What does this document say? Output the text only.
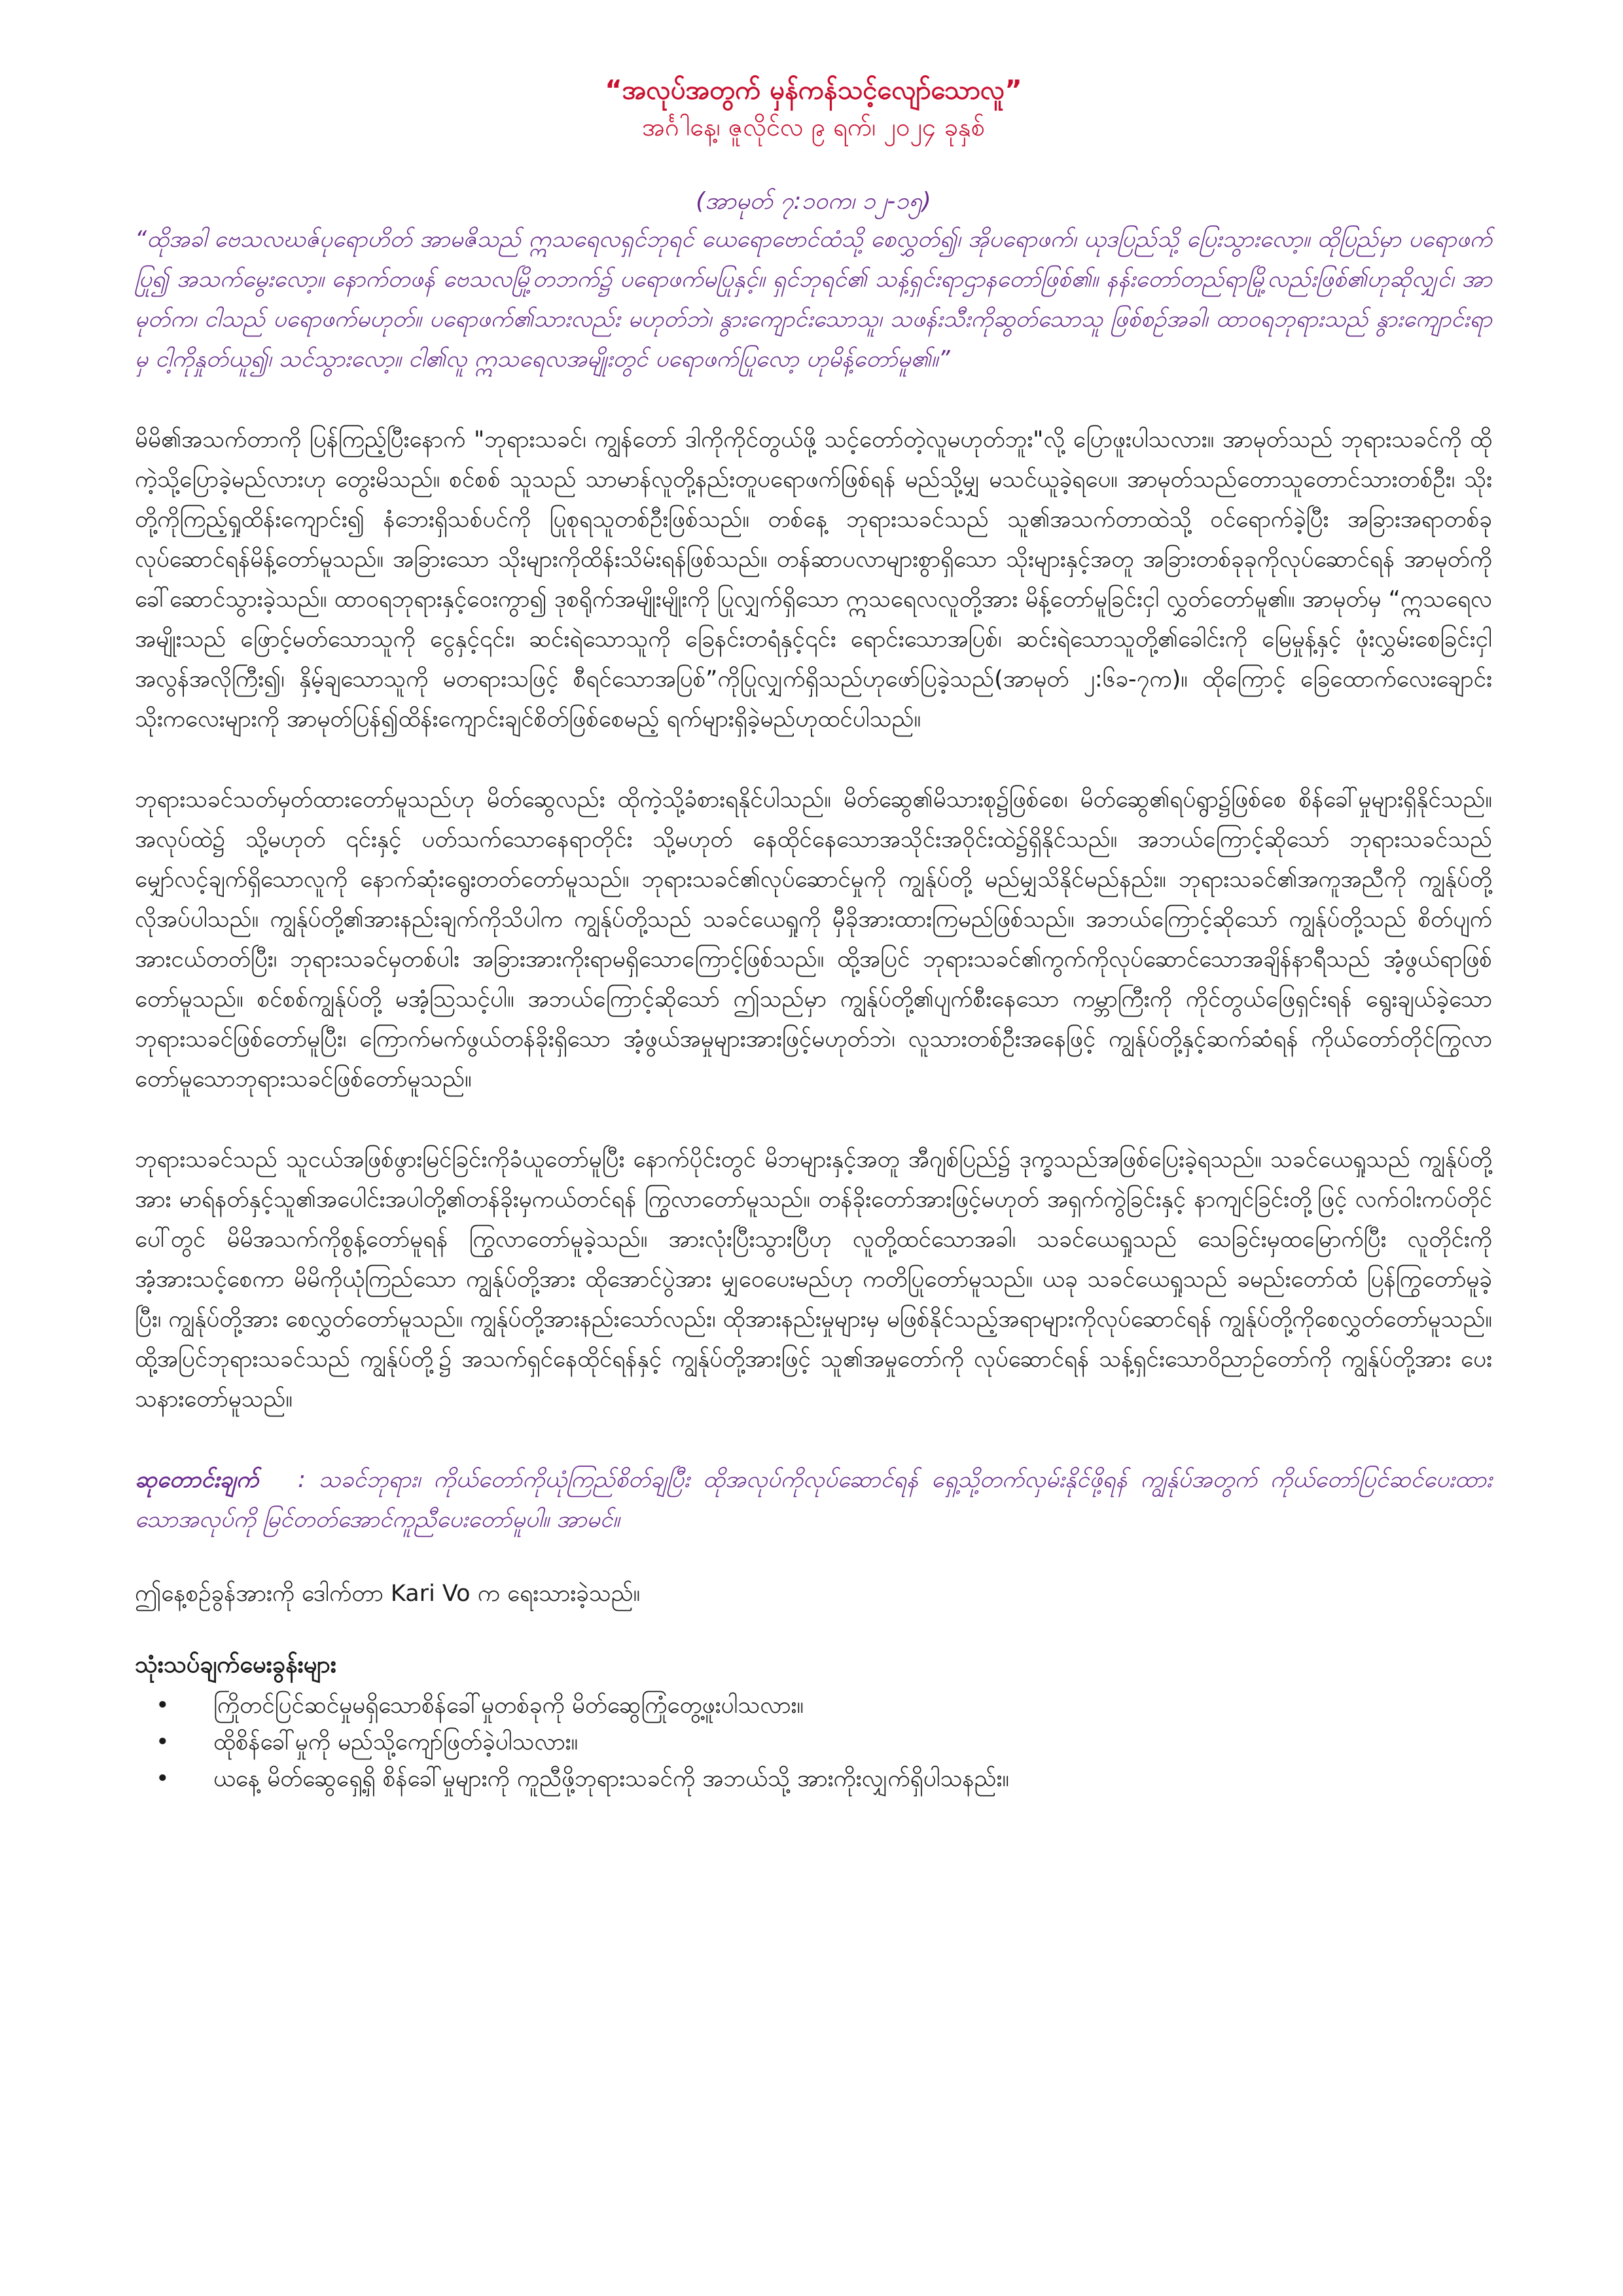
“အလုပ်အတွက် မှန်ကန်သင့်လျော်သောလူ”

အင်္ဂါနေ့၊ ဇူလိုင်လ ၉ ရက်၊ ၂၀၂၄ ခုနှစ်

(အာမုတ် ၇:၁၀က၊ ၁၂-၁၅)

“ထိုအခါ ဗေသလဃဇ်ပုရောဟိတ် အာမဇိသည် ဣသရေလရှင်ဘုရင် ယေရောဗောင်ထံသို့ စေလွှတ်၍၊ အိုပရောဖက်၊ ယုဒပြည်သို့ ပြေးသွားလော့။ ထိုပြည်မှာ ပရောဖက်ပြု၍ အသက်မွေးလော့။ နောက်တဖန် ဗေသလမြို့တဘက်၌ ပရောဖက်မပြုနှင့်။ ရှင်ဘုရင်၏ သန့်ရှင်းရာဌာနတော်ဖြစ်၏။ နန်းတော်တည်ရာမြို့လည်းဖြစ်၏ဟုဆိုလျှင်၊ အာမုတ်က၊ ငါသည် ပရောဖက်မဟုတ်။ ပရောဖက်၏သားလည်း မဟုတ်ဘဲ၊ နွားကျောင်းသောသူ၊ သဖန်းသီးကိုဆွတ်သောသူ ဖြစ်စဉ်အခါ၊ ထာဝရဘုရားသည် နွားကျောင်းရာမှ ငါ့ကိုနှုတ်ယူ၍၊ သင်သွားလော့။ ငါ၏လူ ဣသရေလအမျိုးတွင် ပရောဖက်ပြုလော့ ဟုမိန့်တော်မူ၏။”

မိမိ၏အသက်တာကို ပြန်ကြည့်ပြီးနောက် "ဘုရားသခင်၊ ကျွန်တော် ဒါကိုကိုင်တွယ်ဖို့ သင့်တော်တဲ့လူမဟုတ်ဘူး"လို့ ပြောဖူးပါသလား။ အာမုတ်သည် ဘုရားသခင်ကို ထိုကဲ့သို့ပြောခဲ့မည်လားဟု တွေးမိသည်။ စင်စစ် သူသည် သာမာန်လူတို့နည်းတူပရောဖက်ဖြစ်ရန် မည်သို့မျှ မသင်ယူခဲ့ရပေ။ အာမုတ်သည်တောသူတောင်သားတစ်ဦး၊ သိုးတို့ကိုကြည့်ရှုထိန်းကျောင်း၍ နံဘေးရှိသစ်ပင်ကို ပြုစုရသူတစ်ဦးဖြစ်သည်။ တစ်နေ့ ဘုရားသခင်သည် သူ၏အသက်တာထဲသို့ ဝင်ရောက်ခဲ့ပြီး အခြားအရာတစ်ခုလုပ်ဆောင်ရန်မိန့်တော်မူသည်။ အခြားသော သိုးများကိုထိန်းသိမ်းရန်ဖြစ်သည်။ တန်ဆာပလာများစွာရှိသော သိုးများနှင့်အတူ အခြားတစ်ခုခုကိုလုပ်ဆောင်ရန် အာမုတ်ကိုခေါ်ဆောင်သွားခဲ့သည်။ ထာဝရဘုရားနှင့်ဝေးကွာ၍ ဒုစရိုက်အမျိုးမျိုးကို ပြုလျှက်ရှိသော ဣသရေလလူတို့အား မိန့်တော်မူခြင်းငှါ လွှတ်တော်မူ၏။ အာမုတ်မှ “ဣသရေလအမျိုးသည် ဖြောင့်မတ်သောသူကို ငွေနှင့်၎င်း၊ ဆင်းရဲသောသူကို ခြေနင်းတရံနှင့်၎င်း ရောင်းသောအပြစ်၊ ဆင်းရဲသောသူတို့၏ခေါင်းကို မြေမှုန့်နှင့် ဖုံးလွှမ်းစေခြင်းငှါ အလွန်အလိုကြီး၍၊ နှိမ့်ချသောသူကို မတရားသဖြင့် စီရင်သောအပြစ်”ကိုပြုလျှက်ရှိသည်ဟုဖော်ပြခဲ့သည်(အာမုတ် ၂:၆ခ-၇က)။ ထိုကြောင့် ခြေထောက်လေးချောင်းသိုးကလေးများကို အာမုတ်ပြန်၍ထိန်းကျောင်းချင်စိတ်ဖြစ်စေမည့် ရက်များရှိခဲ့မည်ဟုထင်ပါသည်။

ဘုရားသခင်သတ်မှတ်ထားတော်မူသည်ဟု မိတ်ဆွေလည်း ထိုကဲ့သို့ခံစားရနိုင်ပါသည်။ မိတ်ဆွေ၏မိသားစု၌ဖြစ်စေ၊ မိတ်ဆွေ၏ရပ်ရွာ၌ဖြစ်စေ စိန်ခေါ်မှုများရှိနိုင်သည်။ အလုပ်ထဲ၌ သို့မဟုတ် ၎င်းနှင့် ပတ်သက်သောနေရာတိုင်း သို့မဟုတ် နေထိုင်နေသောအသိုင်းအဝိုင်းထဲ၌ရှိနိုင်သည်။ အဘယ်ကြောင့်ဆိုသော် ဘုရားသခင်သည် မျှော်လင့်ချက်ရှိသောလူကို နောက်ဆုံးရွေးတတ်တော်မူသည်။ ဘုရားသခင်၏လုပ်ဆောင်မှုကို ကျွန်ုပ်တို့ မည်မျှသိနိုင်မည်နည်း။ ဘုရားသခင်၏အကူအညီကို ကျွန်ုပ်တို့လိုအပ်ပါသည်။ ကျွန်ုပ်တို့၏အားနည်းချက်ကိုသိပါက ကျွန်ုပ်တို့သည် သခင်ယေရှုကို မှီခိုအားထားကြမည်ဖြစ်သည်။ အဘယ်ကြောင့်ဆိုသော် ကျွန်ုပ်တို့သည် စိတ်ပျက်အားငယ်တတ်ပြီး၊ ဘုရားသခင်မှတစ်ပါး အခြားအားကိုးရာမရှိသောကြောင့်ဖြစ်သည်။ ထို့အပြင် ဘုရားသခင်၏ကွက်ကိုလုပ်ဆောင်သောအချိန်နာရီသည် အံ့ဖွယ်ရာဖြစ်တော်မူသည်။ စင်စစ်ကျွန်ုပ်တို့ မအံ့ဩသင့်ပါ။ အဘယ်ကြောင့်ဆိုသော် ဤသည်မှာ ကျွန်ုပ်တို့၏ပျက်စီးနေသော ကမ္ဘာကြီးကို ကိုင်တွယ်ဖြေရှင်းရန် ရွေးချယ်ခဲ့သော ဘုရားသခင်ဖြစ်တော်မူပြီး၊ ကြောက်မက်ဖွယ်တန်ခိုးရှိသော အံ့ဖွယ်အမှုများအားဖြင့်မဟုတ်ဘဲ၊ လူသားတစ်ဦးအနေဖြင့် ကျွန်ုပ်တို့နှင့်ဆက်ဆံရန် ကိုယ်တော်တိုင်ကြွလာတော်မူသောဘုရားသခင်ဖြစ်တော်မူသည်။

ဘုရားသခင်သည် သူငယ်အဖြစ်ဖွားမြင်ခြင်းကိုခံယူတော်မူပြီး နောက်ပိုင်းတွင် မိဘများနှင့်အတူ အီဂျစ်ပြည်၌ ဒုက္ခသည်အဖြစ်ပြေးခဲ့ရသည်။ သခင်ယေရှုသည် ကျွန်ုပ်တို့အား မာရ်နတ်နှင့်သူ၏အပေါင်းအပါတို့၏တန်ခိုးမှကယ်တင်ရန် ကြွလာတော်မူသည်။ တန်ခိုးတော်အားဖြင့်မဟုတ် အရှက်ကွဲခြင်းနှင့် နာကျင်ခြင်းတို့ဖြင့် လက်ဝါးကပ်တိုင်ပေါ်တွင် မိမိအသက်ကိုစွန့်တော်မူရန် ကြွလာတော်မူခဲ့သည်။ အားလုံးပြီးသွားပြီဟု လူတို့ထင်သောအခါ၊ သခင်ယေရှုသည် သေခြင်းမှထမြောက်ပြီး လူတိုင်းကို အံ့အားသင့်စေကာ မိမိကိုယုံကြည်သော ကျွန်ုပ်တို့အား ထိုအောင်ပွဲအား မျှဝေပေးမည်ဟု ကတိပြုတော်မူသည်။ ယခု သခင်ယေရှုသည် ခမည်းတော်ထံ ပြန်ကြွတော်မူခဲ့ပြီး၊ ကျွန်ုပ်တို့အား စေလွှတ်တော်မူသည်။ ကျွန်ုပ်တို့အားနည်းသော်လည်း၊ ထိုအားနည်းမှုများမှ မဖြစ်နိုင်သည့်အရာများကိုလုပ်ဆောင်ရန် ကျွန်ုပ်တို့ကိုစေလွှတ်တော်မူသည်။ ထို့အပြင်ဘုရားသခင်သည် ကျွန်ုပ်တို့၌ အသက်ရှင်နေထိုင်ရန်နှင့် ကျွန်ုပ်တို့အားဖြင့် သူ၏အမှုတော်ကို လုပ်ဆောင်ရန် သန့်ရှင်းသောဝိညာဉ်တော်ကို ကျွန်ုပ်တို့အား ပေးသနားတော်မူသည်။

ဆုတောင်းချက် : သခင်ဘုရား၊ ကိုယ်တော်ကိုယုံကြည်စိတ်ချပြီး ထိုအလုပ်ကိုလုပ်ဆောင်ရန် ရှေ့သို့တက်လှမ်းနိုင်ဖို့ရန် ကျွန်ုပ်အတွက် ကိုယ်တော်ပြင်ဆင်ပေးထားသောအလုပ်ကို မြင်တတ်အောင်ကူညီပေးတော်မူပါ။ အာမင်။

ဤနေ့စဉ်ခွန်အားကို ဒေါက်တာ Kari Vo က ရေးသားခဲ့သည်။

သုံးသပ်ချက်မေးခွန်းများ
• ကြိုတင်ပြင်ဆင်မှုမရှိသောစိန်ခေါ်မှုတစ်ခုကို မိတ်ဆွေကြုံတွေ့ဖူးပါသလား။
• ထိုစိန်ခေါ်မှုကို မည်သို့ကျော်ဖြတ်ခဲ့ပါသလား။
• ယနေ့ မိတ်ဆွေရှေ့ရှိ စိန်ခေါ်မှုများကို ကူညီဖို့ဘုရားသခင်ကို အဘယ်သို့ အားကိုးလျှက်ရှိပါသနည်း။
